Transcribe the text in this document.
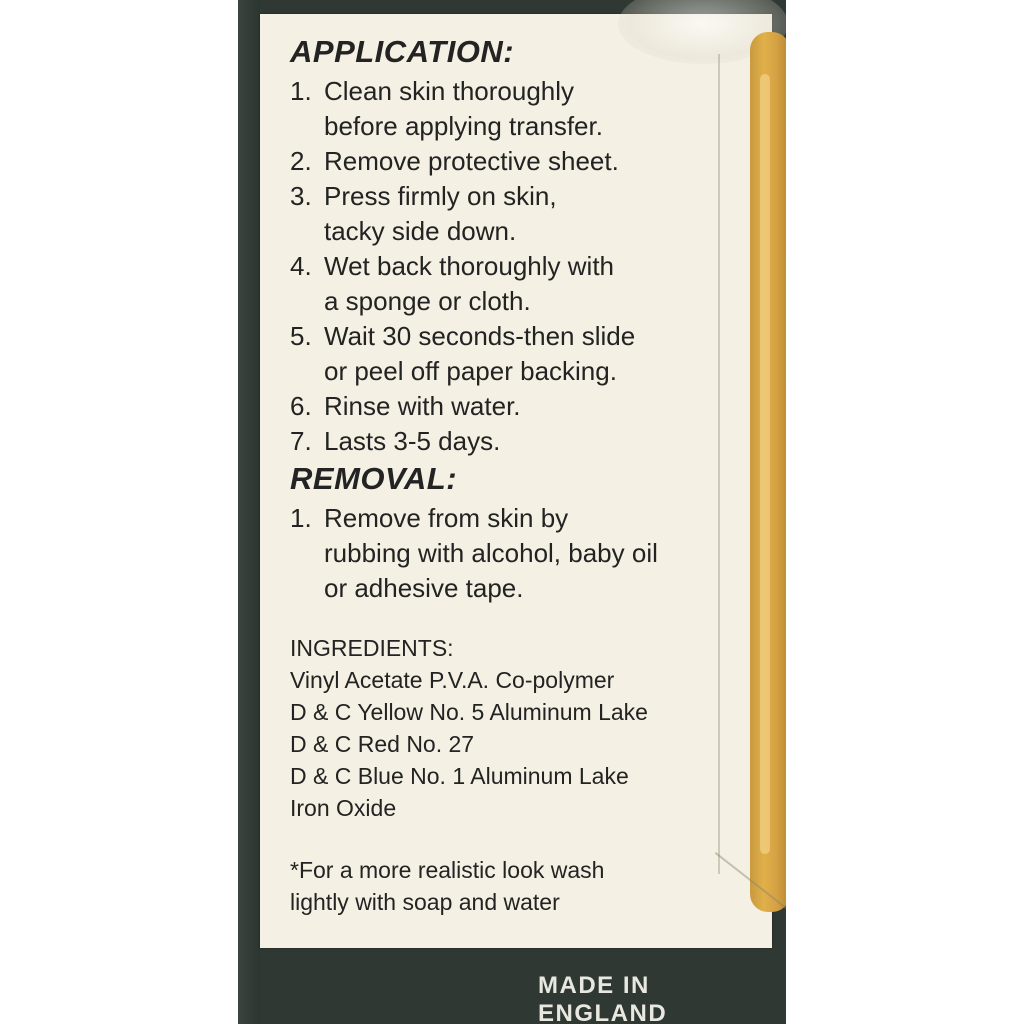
APPLICATION:
1. Clean skin thoroughly
before applying transfer.
2. Remove protective sheet.
3. Press firmly on skin,
tacky side down.
4. Wet back thoroughly with
a sponge or cloth.
5. Wait 30 seconds-then slide
or peel off paper backing.
6. Rinse with water.
7. Lasts 3-5 days.
REMOVAL:
1. Remove from skin by
rubbing with alcohol, baby oil
or adhesive tape.
INGREDIENTS:
Vinyl Acetate P.V.A. Co-polymer
D & C Yellow No. 5 Aluminum Lake
D & C Red No. 27
D & C Blue No. 1 Aluminum Lake
Iron Oxide
*For a more realistic look wash
lightly with soap and water
MADE IN ENGLAND
